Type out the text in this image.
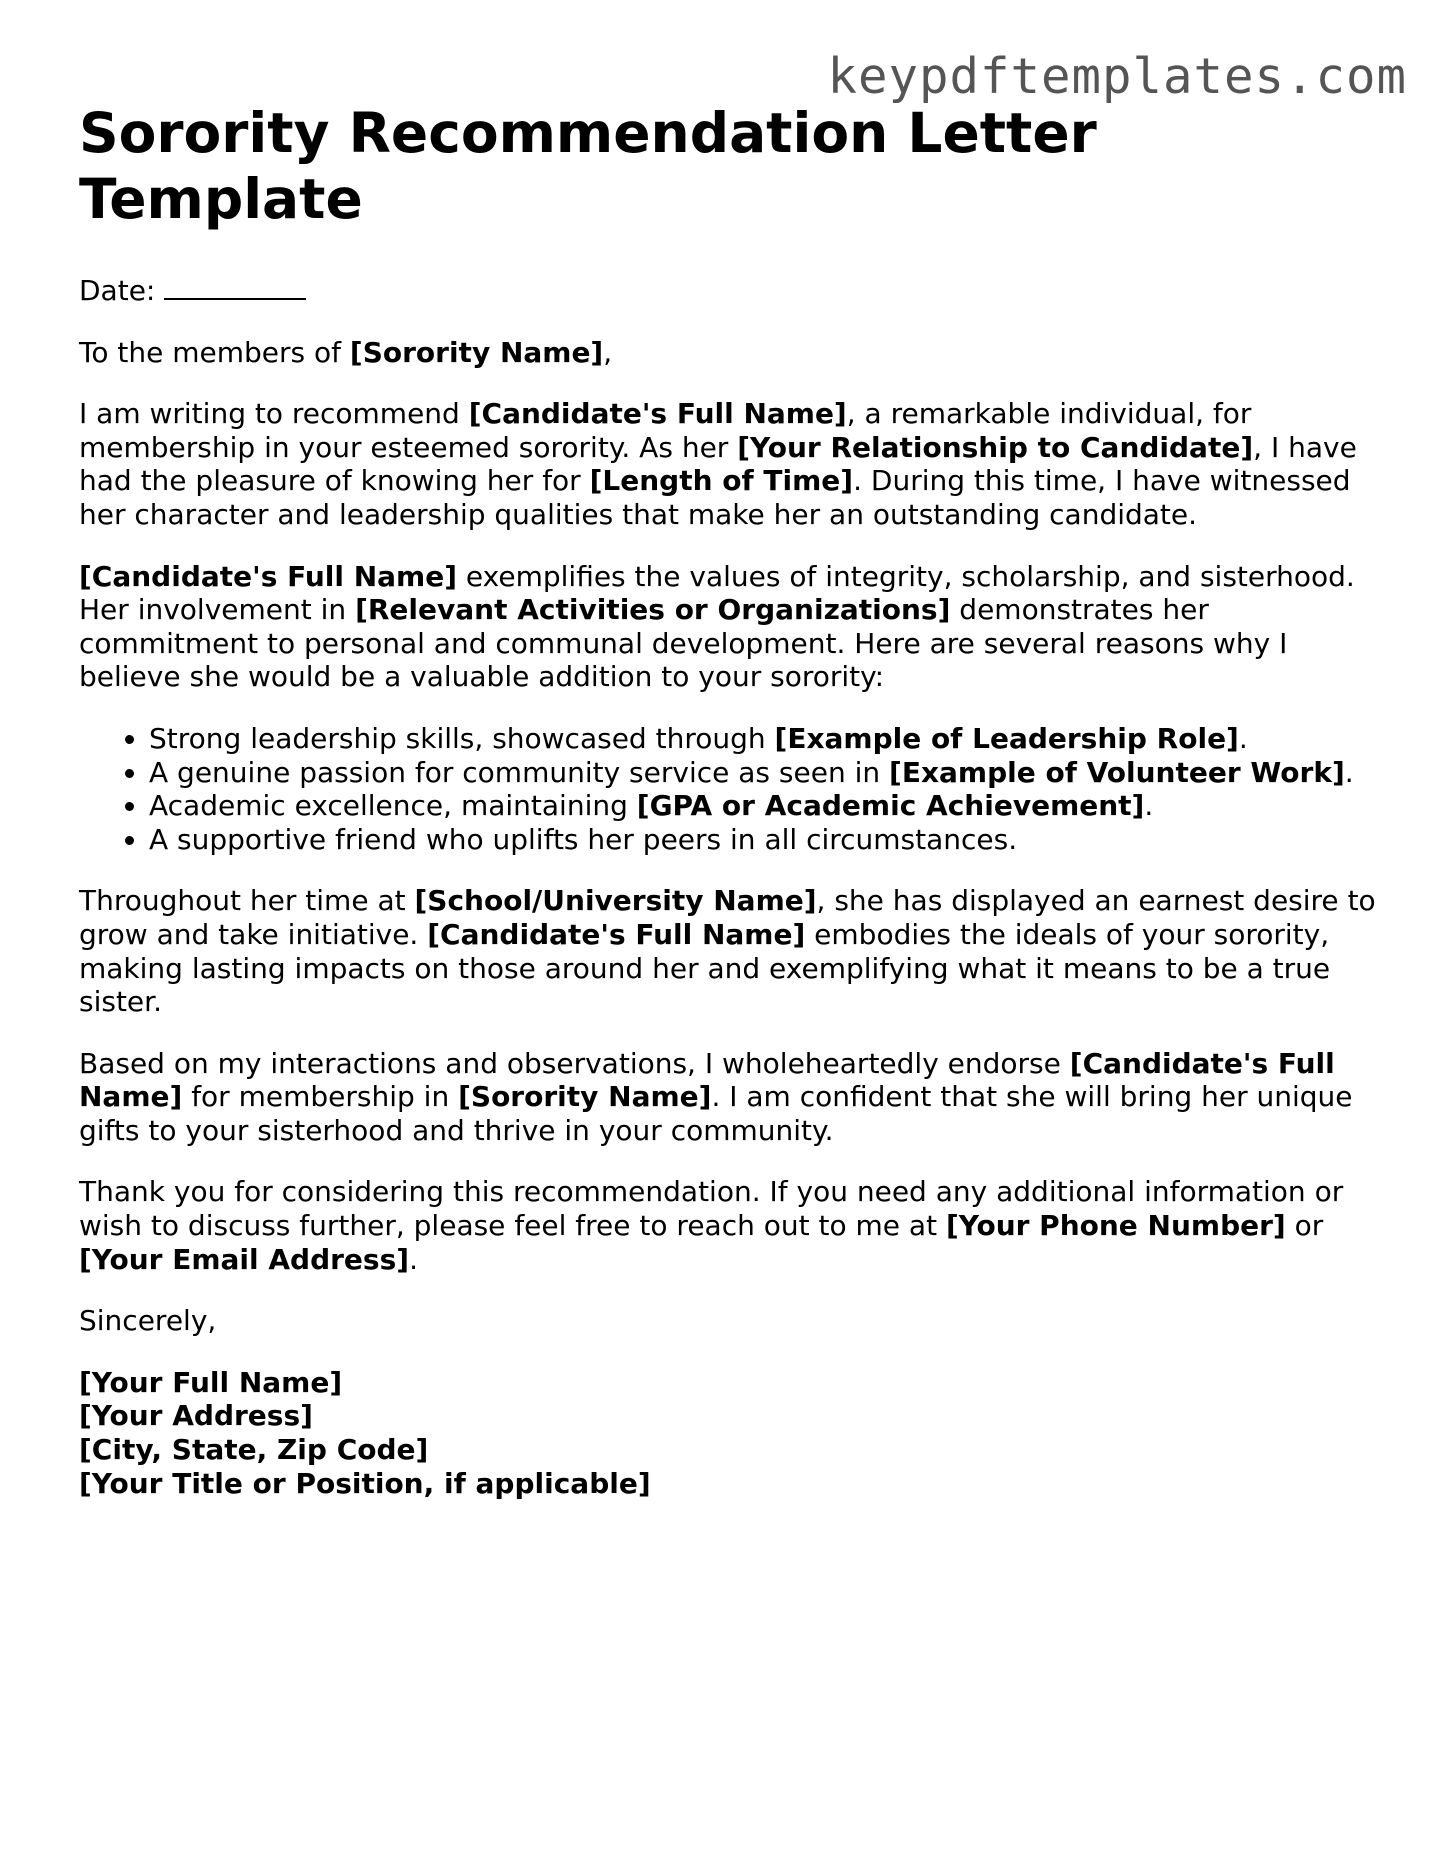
keypdftemplates.com
Sorority Recommendation Letter Template

Date:

To the members of [Sorority Name],

I am writing to recommend [Candidate's Full Name], a remarkable individual, for membership in your esteemed sorority. As her [Your Relationship to Candidate], I have had the pleasure of knowing her for [Length of Time]. During this time, I have witnessed her character and leadership qualities that make her an outstanding candidate.

[Candidate's Full Name] exemplifies the values of integrity, scholarship, and sisterhood. Her involvement in [Relevant Activities or Organizations] demonstrates her commitment to personal and communal development. Here are several reasons why I believe she would be a valuable addition to your sorority:

• Strong leadership skills, showcased through [Example of Leadership Role].
• A genuine passion for community service as seen in [Example of Volunteer Work].
• Academic excellence, maintaining [GPA or Academic Achievement].
• A supportive friend who uplifts her peers in all circumstances.

Throughout her time at [School/University Name], she has displayed an earnest desire to grow and take initiative. [Candidate's Full Name] embodies the ideals of your sorority, making lasting impacts on those around her and exemplifying what it means to be a true sister.

Based on my interactions and observations, I wholeheartedly endorse [Candidate's Full Name] for membership in [Sorority Name]. I am confident that she will bring her unique gifts to your sisterhood and thrive in your community.

Thank you for considering this recommendation. If you need any additional information or wish to discuss further, please feel free to reach out to me at [Your Phone Number] or [Your Email Address].

Sincerely,

[Your Full Name]

[Your Address]

[City, State, Zip Code]

[Your Title or Position, if applicable]
